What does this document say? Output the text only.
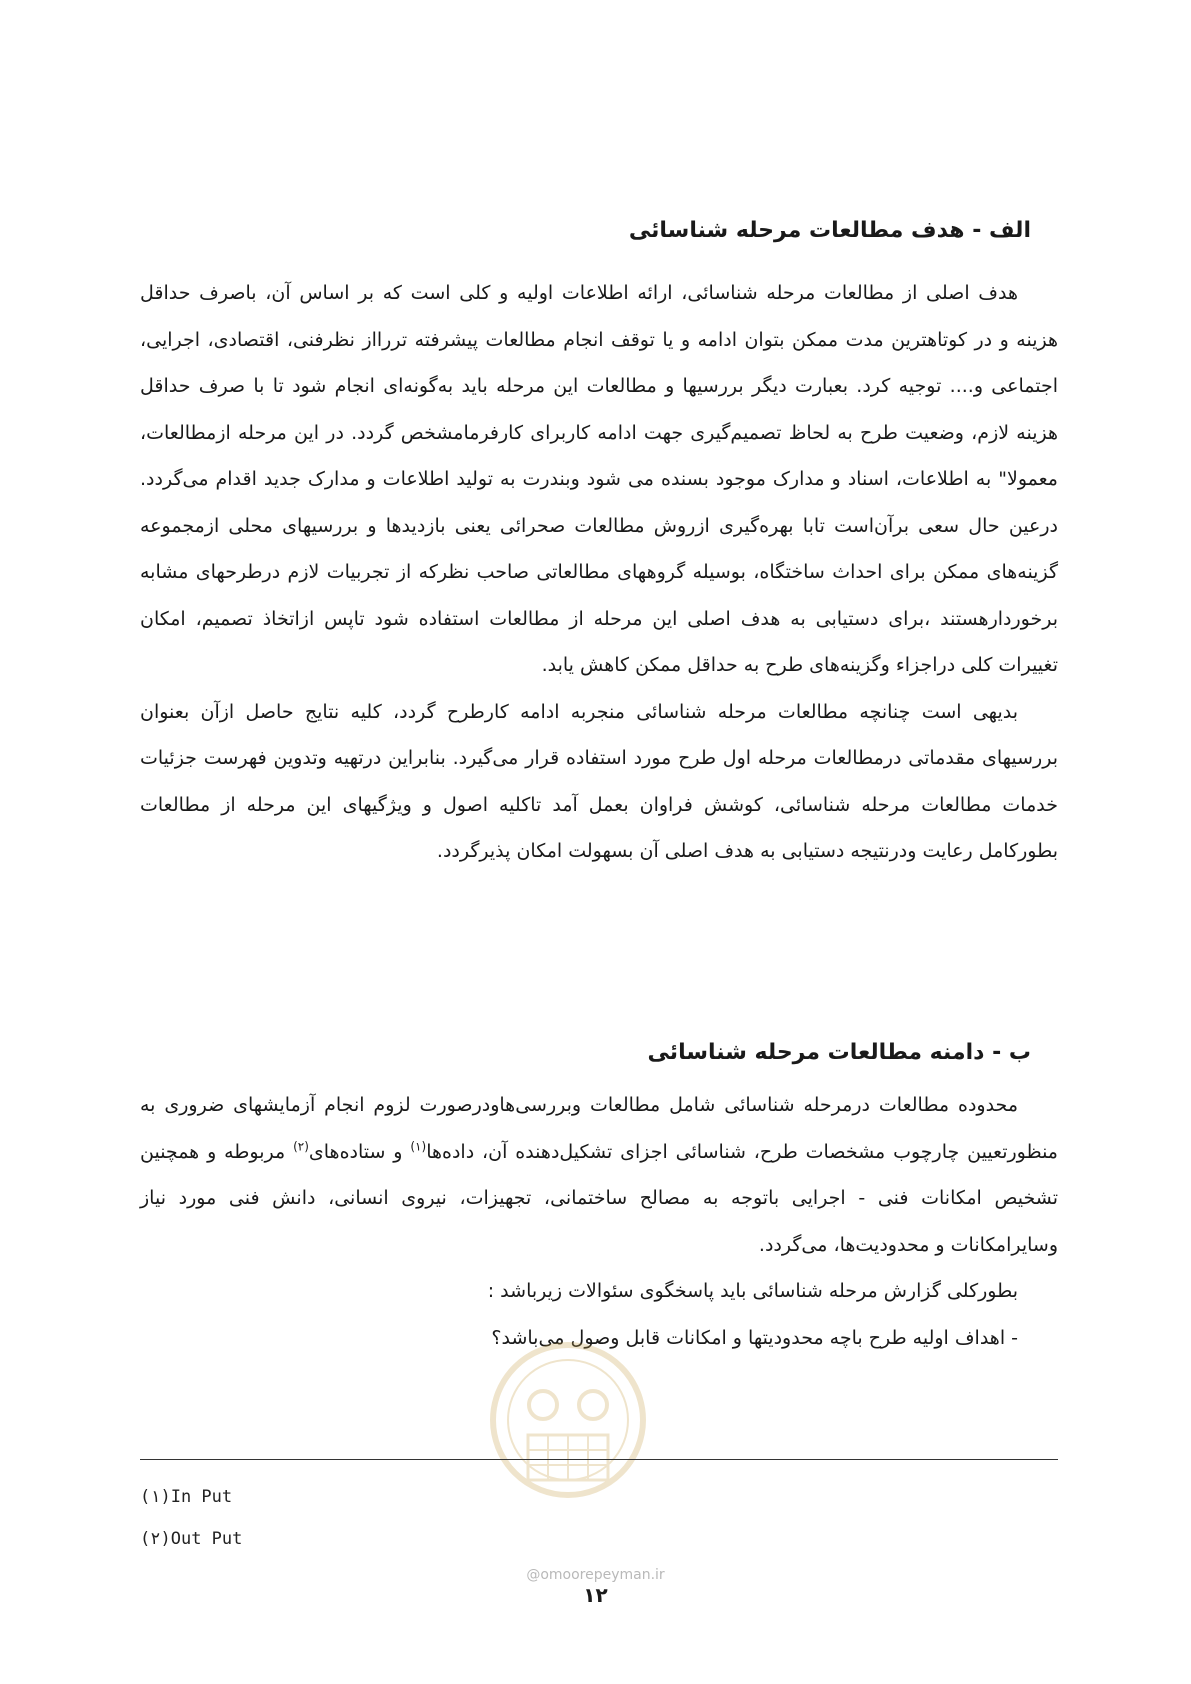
الف - هدف مطالعات مرحله شناسائی

هدف اصلی از مطالعات مرحله شناسائی، ارائه اطلاعات اولیه و کلی است که بر اساس آن، باصرف حداقل هزینه و در کوتاهترین مدت ممکن بتوان ادامه و یا توقف انجام مطالعات پیشرفته تررااز نظرفنی، اقتصادی، اجرایی، اجتماعی و.... توجیه کرد. بعبارت دیگر بررسیها و مطالعات این مرحله باید به‌گونه‌ای انجام شود تا با صرف حداقل هزینه لازم، وضعیت طرح به لحاظ تصمیم‌گیری جهت ادامه کاربرای کارفرمامشخص گردد. در این مرحله ازمطالعات، معمولا" به اطلاعات، اسناد و مدارک موجود بسنده می شود وبندرت به تولید اطلاعات و مدارک جدید اقدام می‌گردد. درعین حال سعی برآن‌است تابا بهره‌گیری ازروش مطالعات صحرائی یعنی بازدیدها و بررسیهای محلی ازمجموعه گزینه‌های ممکن برای احداث ساختگاه، بوسیله گروههای مطالعاتی صاحب نظرکه از تجربیات لازم درطرحهای مشابه برخوردارهستند ،برای دستیابی به هدف اصلی این مرحله از مطالعات استفاده شود تاپس ازاتخاذ تصمیم، امکان تغییرات کلی دراجزاء وگزینه‌های طرح به حداقل ممکن کاهش یابد.

بدیهی است چنانچه مطالعات مرحله شناسائی منجربه ادامه کارطرح گردد، کلیه نتایج حاصل ازآن بعنوان بررسیهای مقدماتی درمطالعات مرحله اول طرح مورد استفاده قرار می‌گیرد. بنابراین درتهیه وتدوین فهرست جزئیات خدمات مطالعات مرحله شناسائی، کوشش فراوان بعمل آمد تاکلیه اصول و ویژگیهای این مرحله از مطالعات بطورکامل رعایت ودرنتیجه دستیابی به هدف اصلی آن بسهولت امکان پذیرگردد.

ب - دامنه مطالعات مرحله شناسائی

محدوده مطالعات درمرحله شناسائی شامل مطالعات وبررسی‌هاودرصورت لزوم انجام آزمایشهای ضروری به منظورتعیین چارچوب مشخصات طرح، شناسائی اجزای تشکیل‌دهنده آن، داده‌ها$^{(۱)}$ و ستاده‌های$^{(۲)}$ مربوطه و همچنین تشخیص امکانات فنی - اجرایی باتوجه به مصالح ساختمانی، تجهیزات، نیروی انسانی، دانش فنی مورد نیاز وسایرامکانات و محدودیت‌ها، می‌گردد.

بطورکلی گزارش مرحله شناسائی باید پاسخگوی سئوالات زیرباشد :

- اهداف اولیه طرح باچه محدودیتها و امکانات قابل وصول می‌باشد؟

(۱)In Put
(۲)Out Put
@omoorepeyman.ir
۱۲
